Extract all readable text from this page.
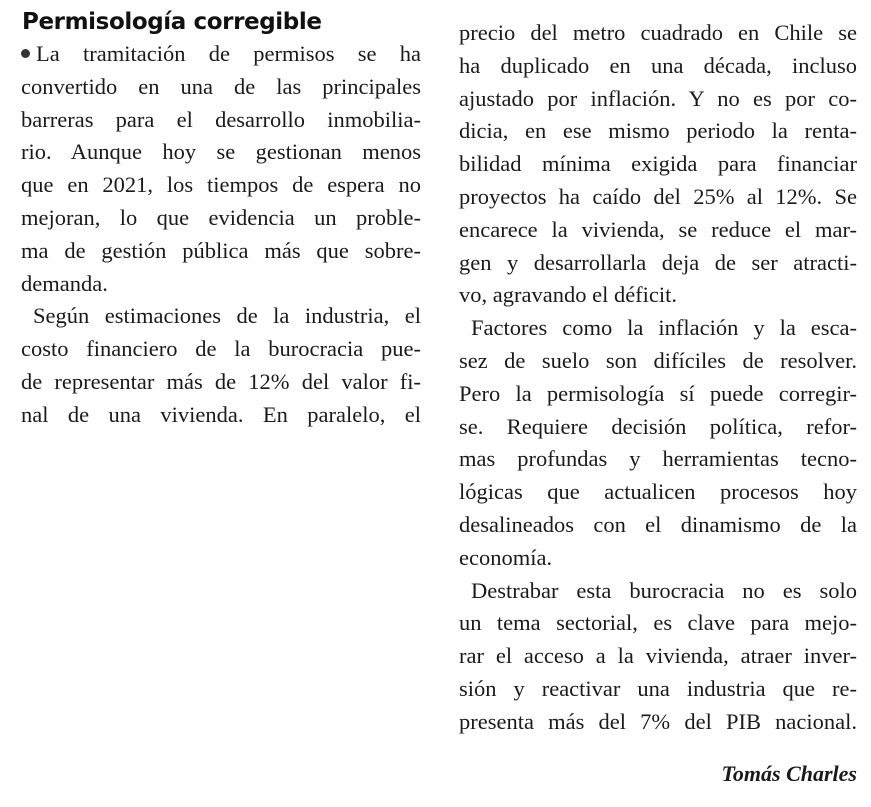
Permisología corregible
La tramitación de permisos se ha
convertido en una de las principales
barreras para el desarrollo inmobilia-
rio. Aunque hoy se gestionan menos
que en 2021, los tiempos de espera no
mejoran, lo que evidencia un proble-
ma de gestión pública más que sobre-
demanda.
Según estimaciones de la industria, el
costo financiero de la burocracia pue-
de representar más de 12% del valor fi-
nal de una vivienda. En paralelo, el
precio del metro cuadrado en Chile se
ha duplicado en una década, incluso
ajustado por inflación. Y no es por co-
dicia, en ese mismo periodo la renta-
bilidad mínima exigida para financiar
proyectos ha caído del 25% al 12%. Se
encarece la vivienda, se reduce el mar-
gen y desarrollarla deja de ser atracti-
vo, agravando el déficit.
Factores como la inflación y la esca-
sez de suelo son difíciles de resolver.
Pero la permisología sí puede corregir-
se. Requiere decisión política, refor-
mas profundas y herramientas tecno-
lógicas que actualicen procesos hoy
desalineados con el dinamismo de la
economía.
Destrabar esta burocracia no es solo
un tema sectorial, es clave para mejo-
rar el acceso a la vivienda, atraer inver-
sión y reactivar una industria que re-
presenta más del 7% del PIB nacional.
Tomás Charles
